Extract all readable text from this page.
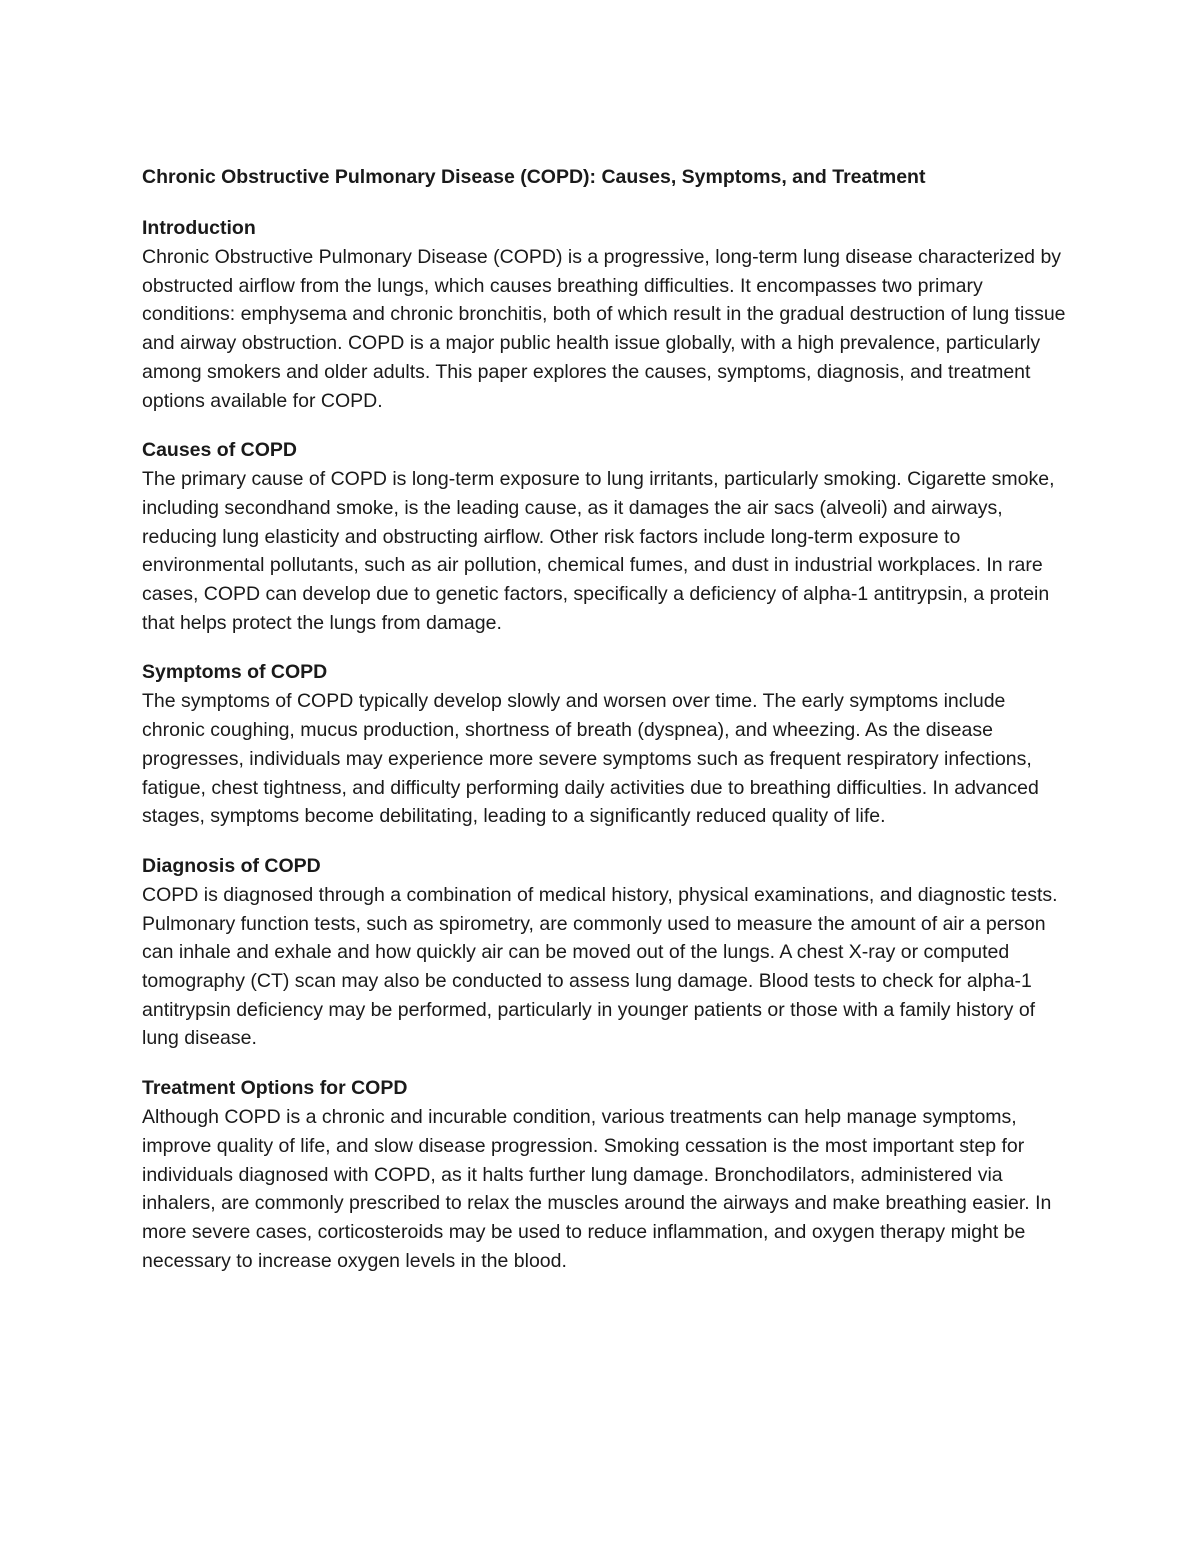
Chronic Obstructive Pulmonary Disease (COPD): Causes, Symptoms, and Treatment
Introduction

Chronic Obstructive Pulmonary Disease (COPD) is a progressive, long-term lung disease characterized by obstructed airflow from the lungs, which causes breathing difficulties. It encompasses two primary conditions: emphysema and chronic bronchitis, both of which result in the gradual destruction of lung tissue and airway obstruction. COPD is a major public health issue globally, with a high prevalence, particularly among smokers and older adults. This paper explores the causes, symptoms, diagnosis, and treatment options available for COPD.

Causes of COPD

The primary cause of COPD is long-term exposure to lung irritants, particularly smoking. Cigarette smoke, including secondhand smoke, is the leading cause, as it damages the air sacs (alveoli) and airways, reducing lung elasticity and obstructing airflow. Other risk factors include long-term exposure to environmental pollutants, such as air pollution, chemical fumes, and dust in industrial workplaces. In rare cases, COPD can develop due to genetic factors, specifically a deficiency of alpha-1 antitrypsin, a protein that helps protect the lungs from damage.

Symptoms of COPD

The symptoms of COPD typically develop slowly and worsen over time. The early symptoms include chronic coughing, mucus production, shortness of breath (dyspnea), and wheezing. As the disease progresses, individuals may experience more severe symptoms such as frequent respiratory infections, fatigue, chest tightness, and difficulty performing daily activities due to breathing difficulties. In advanced stages, symptoms become debilitating, leading to a significantly reduced quality of life.

Diagnosis of COPD

COPD is diagnosed through a combination of medical history, physical examinations, and diagnostic tests. Pulmonary function tests, such as spirometry, are commonly used to measure the amount of air a person can inhale and exhale and how quickly air can be moved out of the lungs. A chest X-ray or computed tomography (CT) scan may also be conducted to assess lung damage. Blood tests to check for alpha-1 antitrypsin deficiency may be performed, particularly in younger patients or those with a family history of lung disease.

Treatment Options for COPD

Although COPD is a chronic and incurable condition, various treatments can help manage symptoms, improve quality of life, and slow disease progression. Smoking cessation is the most important step for individuals diagnosed with COPD, as it halts further lung damage. Bronchodilators, administered via inhalers, are commonly prescribed to relax the muscles around the airways and make breathing easier. In more severe cases, corticosteroids may be used to reduce inflammation, and oxygen therapy might be necessary to increase oxygen levels in the blood.
